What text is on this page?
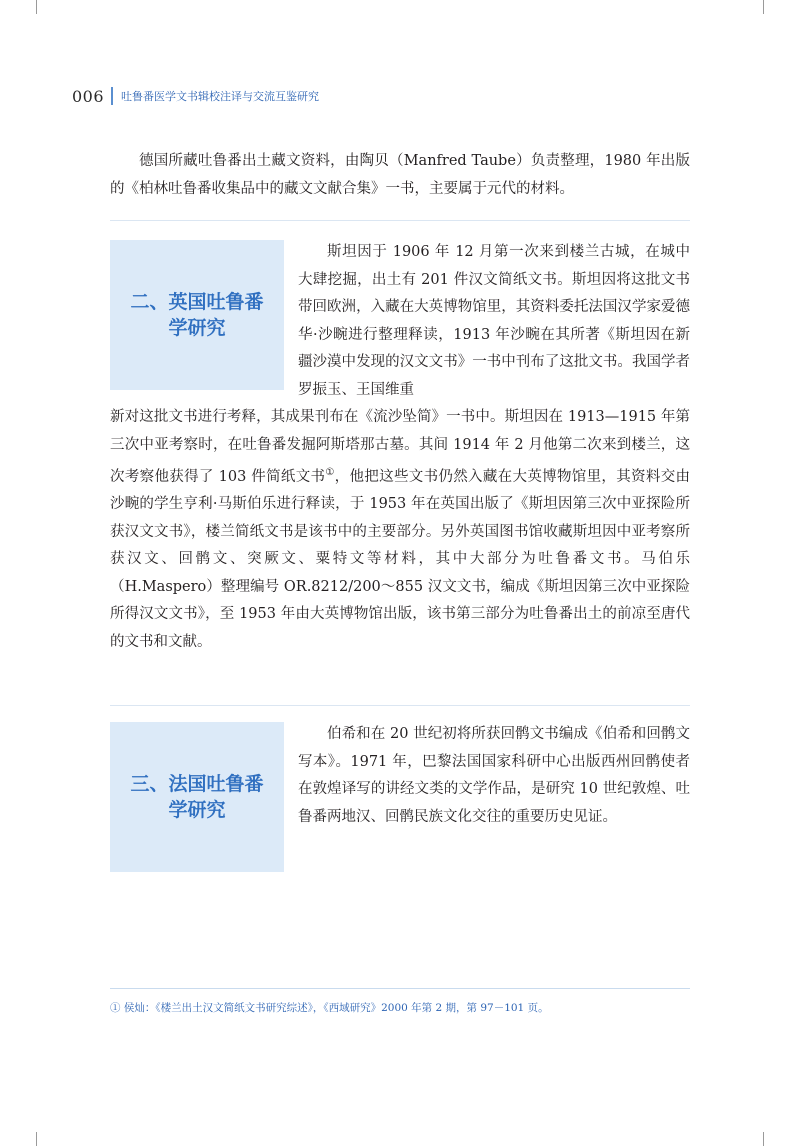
006 吐鲁番医学文书辑校注译与交流互鉴研究

德国所藏吐鲁番出土藏文资料，由陶贝（Manfred Taube）负责整理，1980 年出版的《柏林吐鲁番收集品中的藏文文献合集》一书，主要属于元代的材料。

二、英国吐鲁番
学研究

斯坦因于 1906 年 12 月第一次来到楼兰古城，在城中大肆挖掘，出土有 201 件汉文简纸文书。斯坦因将这批文书带回欧洲，入藏在大英博物馆里，其资料委托法国汉学家爱德华·沙畹进行整理释读，1913 年沙畹在其所著《斯坦因在新疆沙漠中发现的汉文文书》一书中刊布了这批文书。我国学者罗振玉、王国维重

新对这批文书进行考释，其成果刊布在《流沙坠简》一书中。斯坦因在 1913—1915 年第三次中亚考察时，在吐鲁番发掘阿斯塔那古墓。其间 1914 年 2 月他第二次来到楼兰，这次考察他获得了 103 件简纸文书①，他把这些文书仍然入藏在大英博物馆里，其资料交由沙畹的学生亨利·马斯伯乐进行释读，于 1953 年在英国出版了《斯坦因第三次中亚探险所获汉文文书》，楼兰简纸文书是该书中的主要部分。另外英国图书馆收藏斯坦因中亚考察所获汉文、回鹘文、突厥文、粟特文等材料，其中大部分为吐鲁番文书。马伯乐（H.Maspero）整理编号 OR.8212/200～855 汉文文书，编成《斯坦因第三次中亚探险所得汉文文书》，至 1953 年由大英博物馆出版，该书第三部分为吐鲁番出土的前凉至唐代的文书和文献。

三、法国吐鲁番
学研究

伯希和在 20 世纪初将所获回鹘文书编成《伯希和回鹘文写本》。1971 年，巴黎法国国家科研中心出版西州回鹘使者在敦煌译写的讲经文类的文学作品，是研究 10 世纪敦煌、吐鲁番两地汉、回鹘民族文化交往的重要历史见证。

① 侯灿：《楼兰出土汉文简纸文书研究综述》，《西域研究》2000 年第 2 期，第 97－101 页。
